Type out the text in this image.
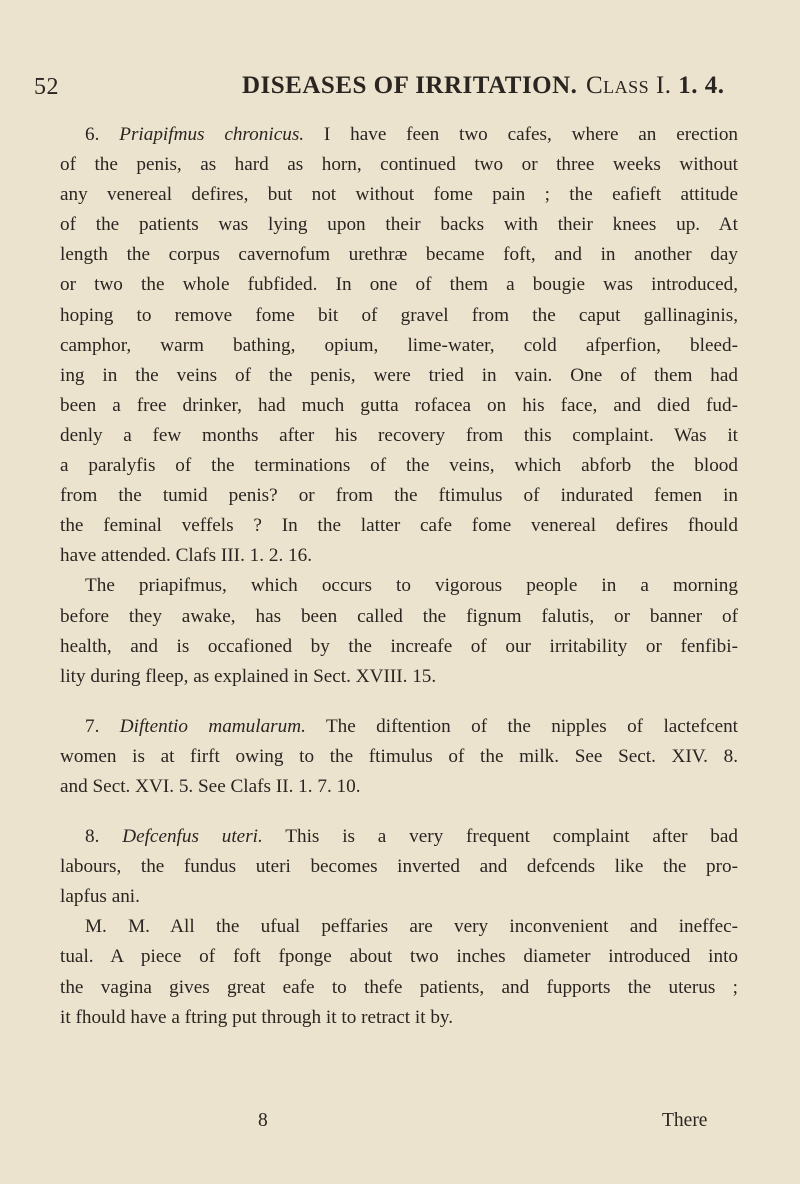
52	DISEASES OF IRRITATION. Class I. 1. 4.
6. Priapifmus chronicus. I have feen two cafes, where an erection
of the penis, as hard as horn, continued two or three weeks without
any venereal defires, but not without fome pain ; the eafieft attitude
of the patients was lying upon their backs with their knees up. At
length the corpus cavernofum urethræ became foft, and in another day
or two the whole fubfided. In one of them a bougie was introduced,
hoping to remove fome bit of gravel from the caput gallinaginis,
camphor, warm bathing, opium, lime-water, cold afperfion, bleed-
ing in the veins of the penis, were tried in vain. One of them had
been a free drinker, had much gutta rofacea on his face, and died fud-
denly a few months after his recovery from this complaint. Was it
a paralyfis of the terminations of the veins, which abforb the blood
from the tumid penis? or from the ftimulus of indurated femen in
the feminal veffels ? In the latter cafe fome venereal defires fhould
have attended. Clafs III. 1. 2. 16.
The priapifmus, which occurs to vigorous people in a morning
before they awake, has been called the fignum falutis, or banner of
health, and is occafioned by the increafe of our irritability or fenfibi-
lity during fleep, as explained in Sect. XVIII. 15.
7. Diftentio mamularum. The diftention of the nipples of lactefcent
women is at firft owing to the ftimulus of the milk. See Sect. XIV. 8.
and Sect. XVI. 5. See Clafs II. 1. 7. 10.
8. Defcenfus uteri. This is a very frequent complaint after bad
labours, the fundus uteri becomes inverted and defcends like the pro-
lapfus ani.
M. M. All the ufual peffaries are very inconvenient and ineffec-
tual. A piece of foft fponge about two inches diameter introduced into
the vagina gives great eafe to thefe patients, and fupports the uterus ;
it fhould have a ftring put through it to retract it by.
8	There
